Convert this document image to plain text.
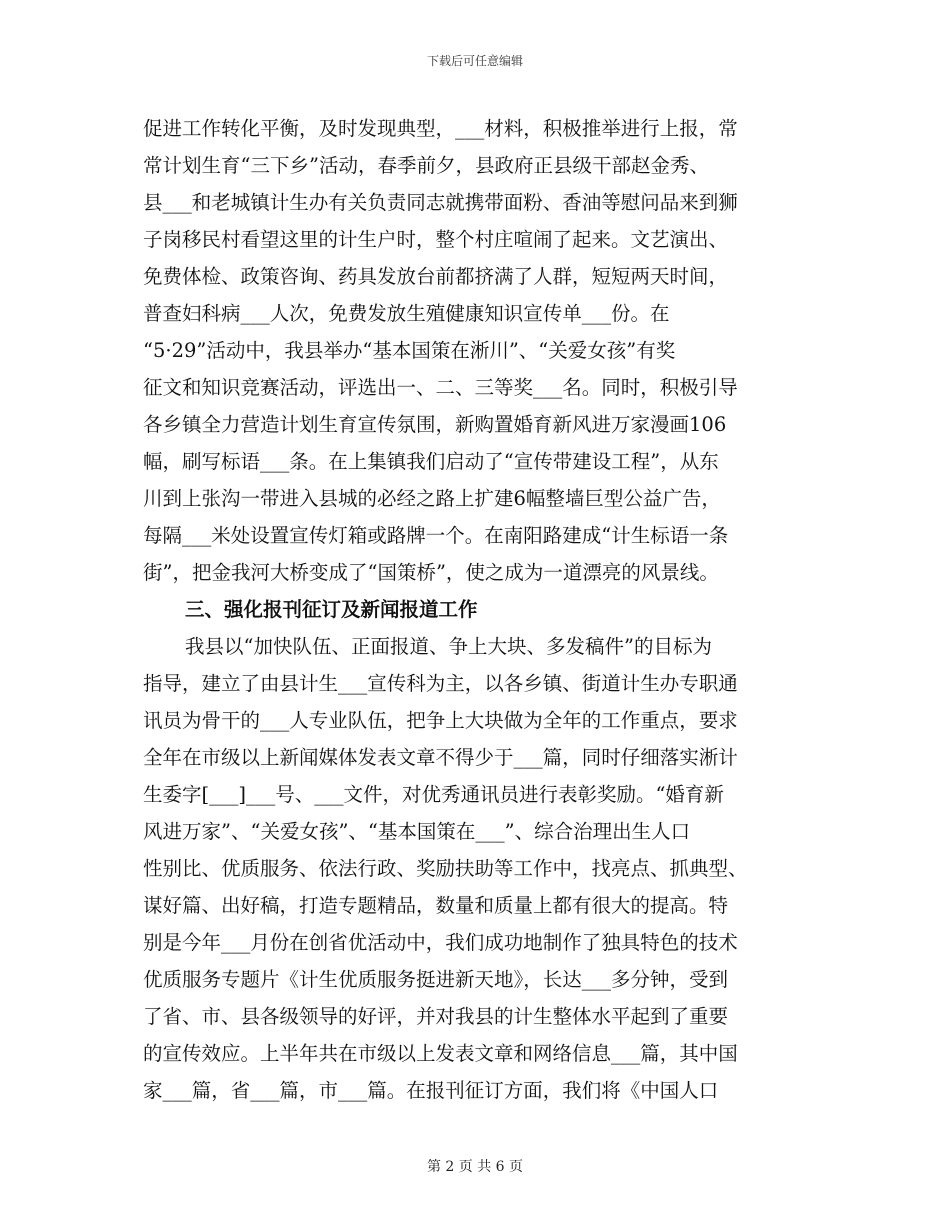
下载后可任意编辑
促进工作转化平衡，及时发现典型，___材料，积极推举进行上报，常
常计划生育“三下乡”活动，春季前夕，县政府正县级干部赵金秀、
县___和老城镇计生办有关负责同志就携带面粉、香油等慰问品来到狮
子岗移民村看望这里的计生户时，整个村庄喧闹了起来。文艺演出、
免费体检、政策咨询、药具发放台前都挤满了人群，短短两天时间，
普查妇科病___人次，免费发放生殖健康知识宣传单___份。在
“5·29”活动中，我县举办“基本国策在淅川”、“关爱女孩”有奖
征文和知识竞赛活动，评选出一、二、三等奖___名。同时，积极引导
各乡镇全力营造计划生育宣传氛围，新购置婚育新风进万家漫画106
幅，刷写标语___条。在上集镇我们启动了“宣传带建设工程”，从东
川到上张沟一带进入县城的必经之路上扩建6幅整墙巨型公益广告，
每隔___米处设置宣传灯箱或路牌一个。在南阳路建成“计生标语一条
街”，把金我河大桥变成了“国策桥”，使之成为一道漂亮的风景线。
三、强化报刊征订及新闻报道工作
我县以“加快队伍、正面报道、争上大块、多发稿件”的目标为
指导，建立了由县计生___宣传科为主，以各乡镇、街道计生办专职通
讯员为骨干的___人专业队伍，把争上大块做为全年的工作重点，要求
全年在市级以上新闻媒体发表文章不得少于___篇，同时仔细落实淅计
生委字[___]___号、___文件，对优秀通讯员进行表彰奖励。“婚育新
风进万家”、“关爱女孩”、“基本国策在___”、综合治理出生人口
性别比、优质服务、依法行政、奖励扶助等工作中，找亮点、抓典型、
谋好篇、出好稿，打造专题精品，数量和质量上都有很大的提高。特
别是今年___月份在创省优活动中，我们成功地制作了独具特色的技术
优质服务专题片《计生优质服务挺进新天地》，长达___多分钟，受到
了省、市、县各级领导的好评，并对我县的计生整体水平起到了重要
的宣传效应。上半年共在市级以上发表文章和网络信息___篇，其中国
家___篇，省___篇，市___篇。在报刊征订方面，我们将《中国人口
第 2 页 共 6 页
